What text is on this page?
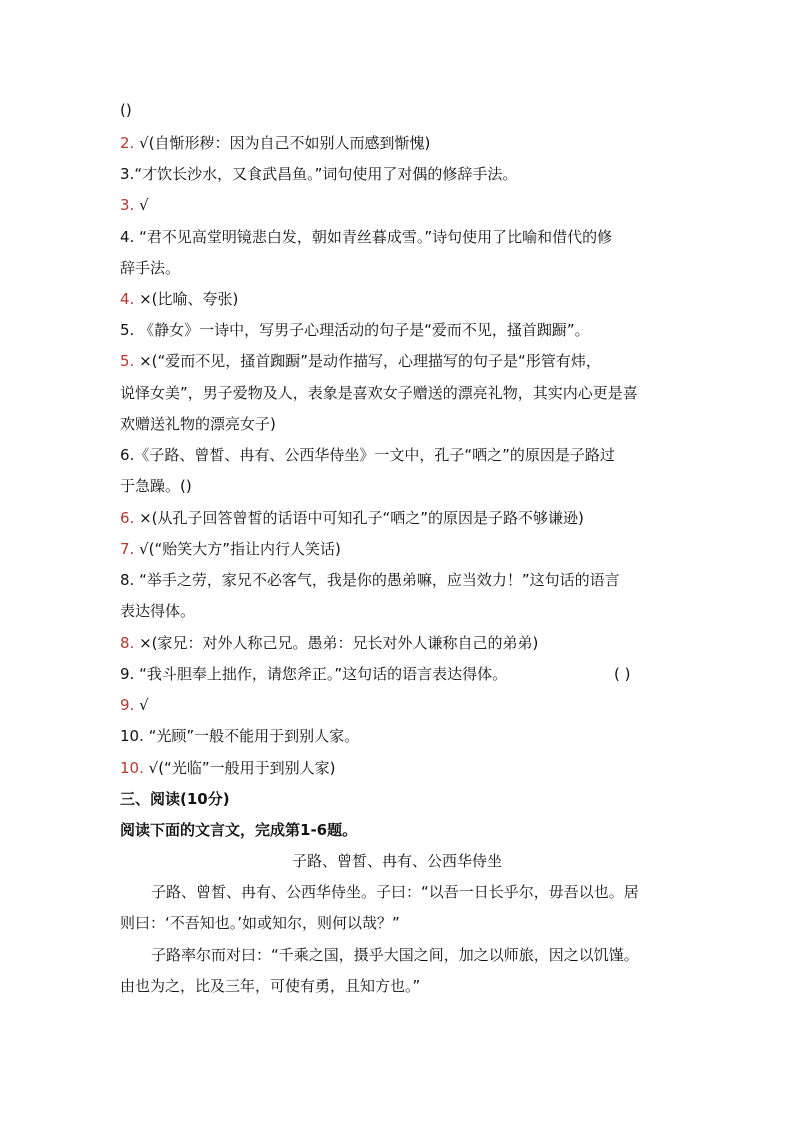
()
2. √(自惭形秽：因为自己不如别人而感到惭愧)
3.“才饮长沙水，又食武昌鱼。”词句使用了对偶的修辞手法。
3. √
4. “君不见高堂明镜悲白发，朝如青丝暮成雪。”诗句使用了比喻和借代的修
辞手法。
4. ×(比喻、夸张)
5. 《静女》一诗中，写男子心理活动的句子是“爱而不见，搔首踟蹰”。
5. ×(“爱而不见，搔首踟蹰”是动作描写，心理描写的句子是“彤管有炜，
说怿女美”，男子爱物及人，表象是喜欢女子赠送的漂亮礼物，其实内心更是喜
欢赠送礼物的漂亮女子)
6.《子路、曾皙、冉有、公西华侍坐》一文中，孔子“哂之”的原因是子路过
于急躁。()
6. ×(从孔子回答曾皙的话语中可知孔子“哂之”的原因是子路不够谦逊)
7. √(“贻笑大方”指让内行人笑话)
8. “举手之劳，家兄不必客气，我是你的愚弟嘛，应当效力！”这句话的语言
表达得体。
8. ×(家兄：对外人称己兄。愚弟：兄长对外人谦称自己的弟弟)
9. “我斗胆奉上拙作，请您斧正。”这句话的语言表达得体。	( )
9. √
10. “光顾”一般不能用于到别人家。
10. √(“光临”一般用于到别人家)
三、阅读(10分)
阅读下面的文言文，完成第1-6题。
子路、曾皙、冉有、公西华侍坐
子路、曾皙、冉有、公西华侍坐。子曰：“以吾一日长乎尔，毋吾以也。居
则曰：‘不吾知也。’如或知尔，则何以哉？”
子路率尔而对曰：“千乘之国，摄乎大国之间，加之以师旅，因之以饥馑。
由也为之，比及三年，可使有勇，且知方也。”
